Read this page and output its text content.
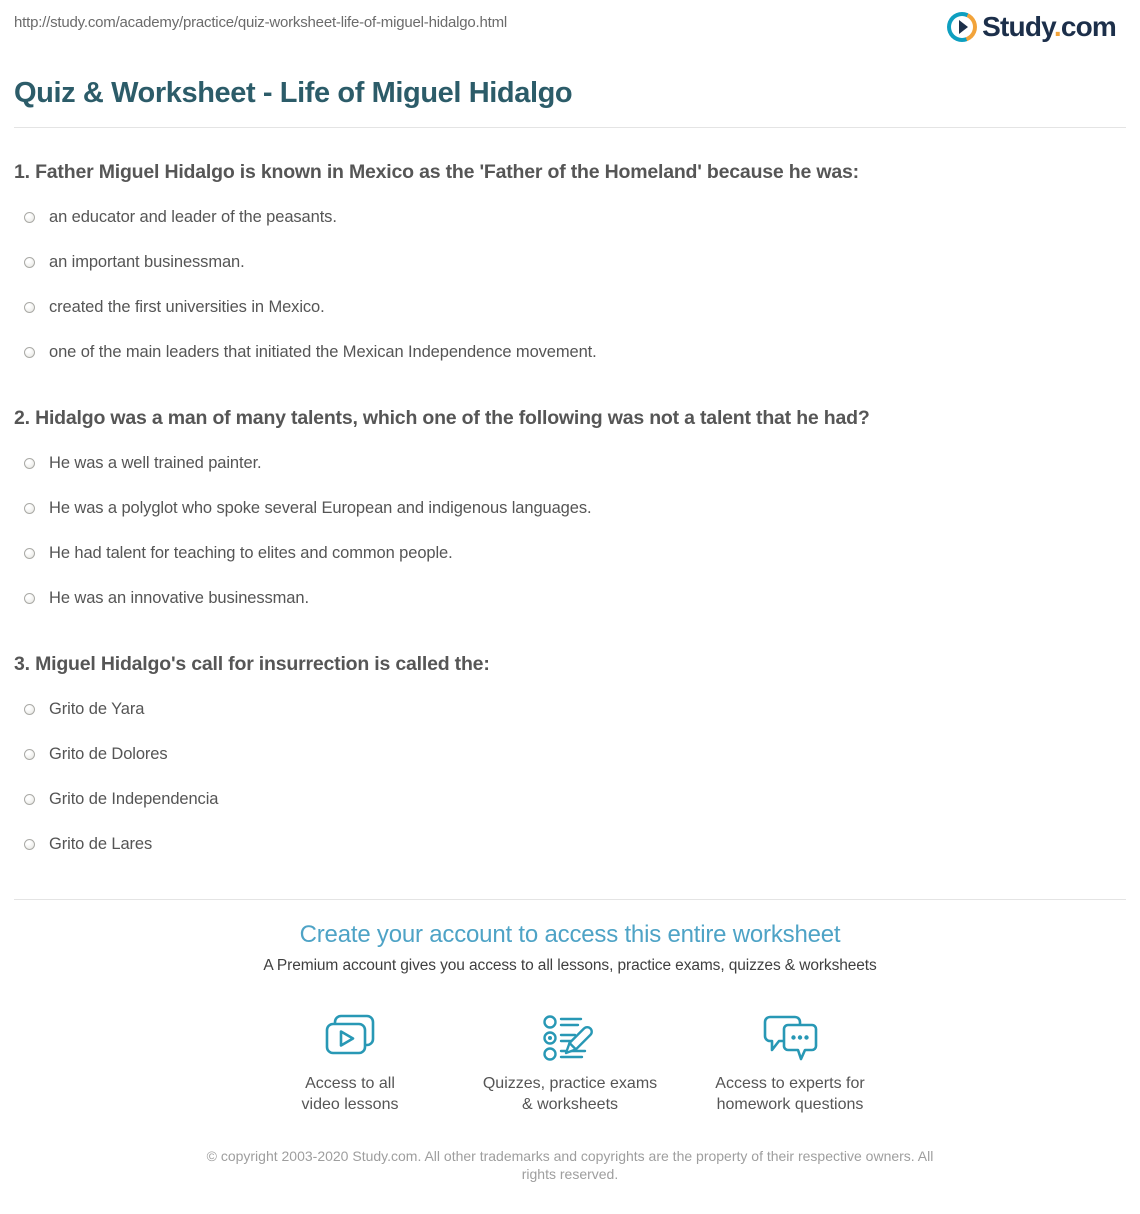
http://study.com/academy/practice/quiz-worksheet-life-of-miguel-hidalgo.html	Study.com
Quiz & Worksheet - Life of Miguel Hidalgo
1. Father Miguel Hidalgo is known in Mexico as the 'Father of the Homeland' because he was:
an educator and leader of the peasants.
an important businessman.
created the first universities in Mexico.
one of the main leaders that initiated the Mexican Independence movement.
2. Hidalgo was a man of many talents, which one of the following was not a talent that he had?
He was a well trained painter.
He was a polyglot who spoke several European and indigenous languages.
He had talent for teaching to elites and common people.
He was an innovative businessman.
3. Miguel Hidalgo's call for insurrection is called the:
Grito de Yara
Grito de Dolores
Grito de Independencia
Grito de Lares
Create your account to access this entire worksheet

A Premium account gives you access to all lessons, practice exams, quizzes & worksheets

Access to all
video lessons
Quizzes, practice exams
& worksheets
Access to experts for
homework questions

© copyright 2003-2020 Study.com. All other trademarks and copyrights are the property of their respective owners. All rights reserved.
